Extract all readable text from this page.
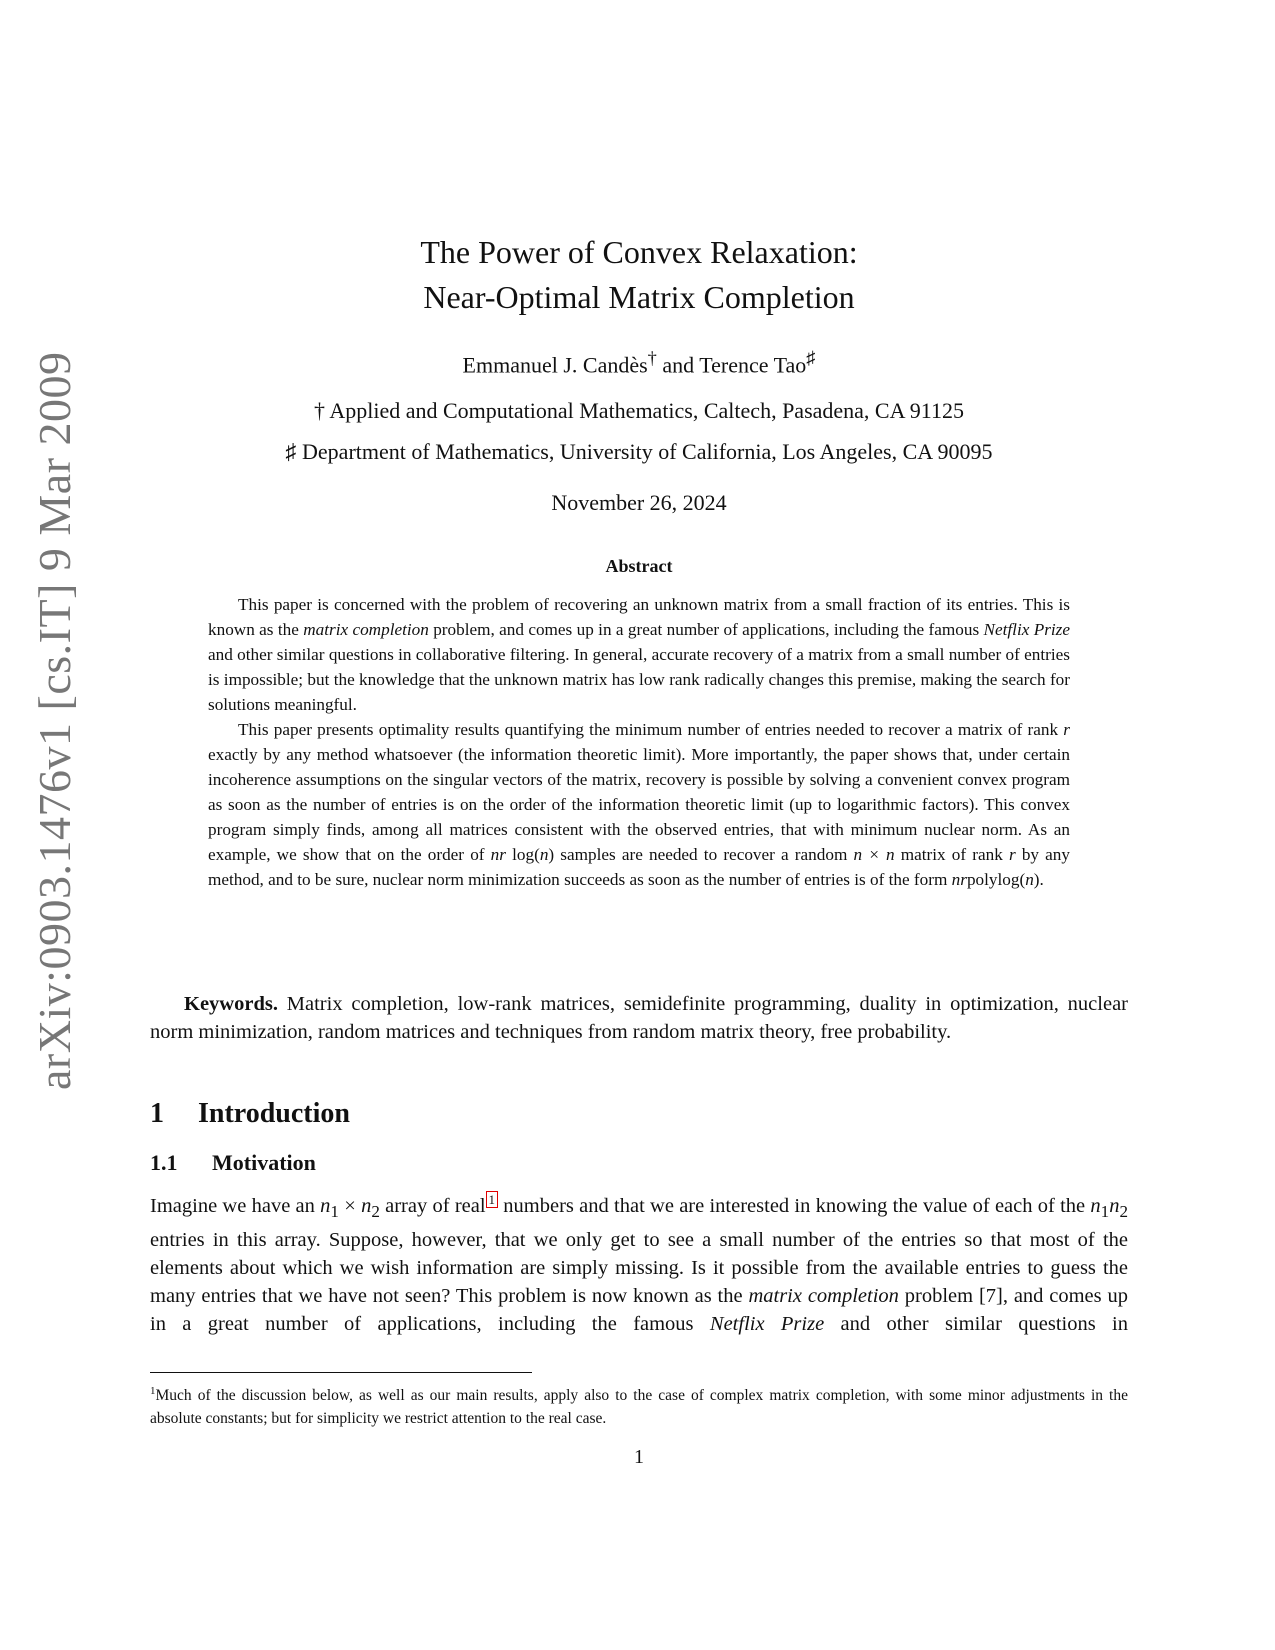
arXiv:0903.1476v1 [cs.IT] 9 Mar 2009
The Power of Convex Relaxation:
Near-Optimal Matrix Completion
Emmanuel J. Candès† and Terence Tao♯
† Applied and Computational Mathematics, Caltech, Pasadena, CA 91125
♯ Department of Mathematics, University of California, Los Angeles, CA 90095
November 26, 2024
Abstract

This paper is concerned with the problem of recovering an unknown matrix from a small fraction of its entries. This is known as the matrix completion problem, and comes up in a great number of applications, including the famous Netflix Prize and other similar questions in collaborative filtering. In general, accurate recovery of a matrix from a small number of entries is impossible; but the knowledge that the unknown matrix has low rank radically changes this premise, making the search for solutions meaningful.

This paper presents optimality results quantifying the minimum number of entries needed to recover a matrix of rank r exactly by any method whatsoever (the information theoretic limit). More importantly, the paper shows that, under certain incoherence assumptions on the singular vectors of the matrix, recovery is possible by solving a convenient convex program as soon as the number of entries is on the order of the information theoretic limit (up to logarithmic factors). This convex program simply finds, among all matrices consistent with the observed entries, that with minimum nuclear norm. As an example, we show that on the order of nr log(n) samples are needed to recover a random n × n matrix of rank r by any method, and to be sure, nuclear norm minimization succeeds as soon as the number of entries is of the form nrpolylog(n).

Keywords. Matrix completion, low-rank matrices, semidefinite programming, duality in optimization, nuclear norm minimization, random matrices and techniques from random matrix theory, free probability.
1 Introduction
1.1 Motivation
Imagine we have an $n_1 \times n_2$ array of real $^1$ numbers and that we are interested in knowing the value of each of the $n_1n_2$ entries in this array. Suppose, however, that we only get to see a small number of the entries so that most of the elements about which we wish information are simply missing. Is it possible from the available entries to guess the many entries that we have not seen? This problem is now known as the matrix completion problem [7], and comes up in a great number of applications, including the famous Netflix Prize and other similar questions in
$^1$Much of the discussion below, as well as our main results, apply also to the case of complex matrix completion, with some minor adjustments in the absolute constants; but for simplicity we restrict attention to the real case.
1
